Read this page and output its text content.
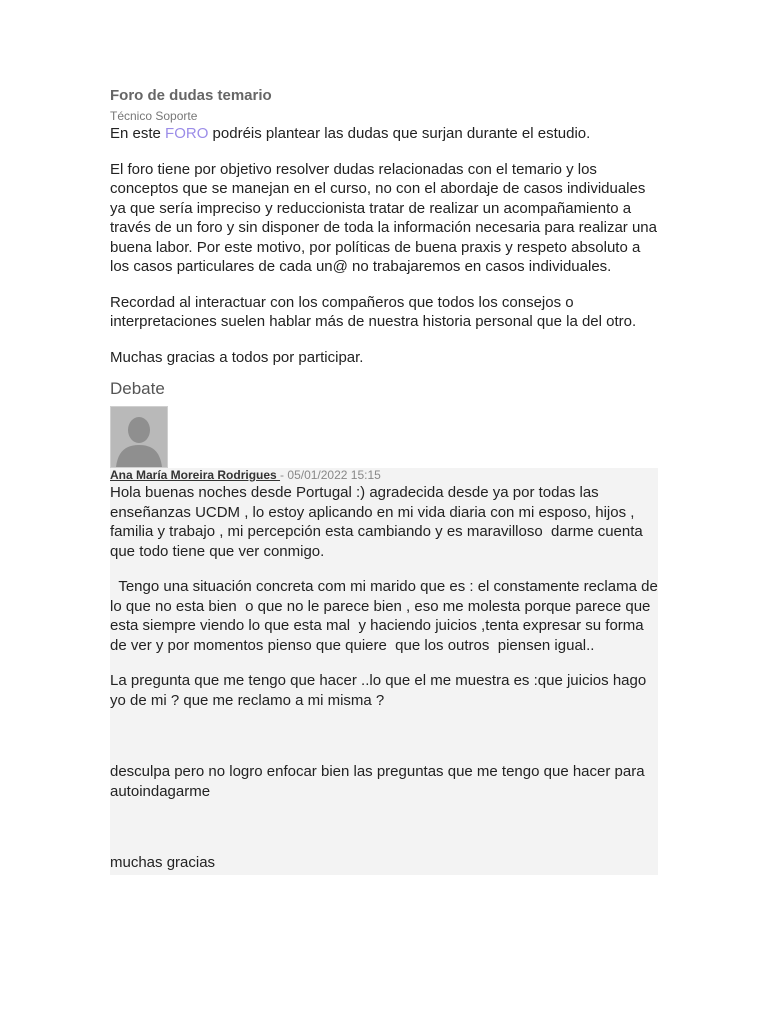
Foro de dudas temario
Técnico Soporte

En este FORO podréis plantear las dudas que surjan durante el estudio.

El foro tiene por objetivo resolver dudas relacionadas con el temario y los conceptos que se manejan en el curso, no con el abordaje de casos individuales ya que sería impreciso y reduccionista tratar de realizar un acompañamiento a través de un foro y sin disponer de toda la información necesaria para realizar una buena labor. Por este motivo, por políticas de buena praxis y respeto absoluto a los casos particulares de cada un@ no trabajaremos en casos individuales.

Recordad al interactuar con los compañeros que todos los consejos o interpretaciones suelen hablar más de nuestra historia personal que la del otro.

Muchas gracias a todos por participar.

Debate
Ana María Moreira Rodrigues - 05/01/2022 15:15

Hola buenas noches desde Portugal :) agradecida desde ya por todas las enseñanzas UCDM , lo estoy aplicando en mi vida diaria con mi esposo, hijos , familia y trabajo , mi percepción esta cambiando y es maravilloso  darme cuenta que todo tiene que ver conmigo.

Tengo una situación concreta com mi marido que es : el constamente reclama de lo que no esta bien  o que no le parece bien , eso me molesta porque parece que esta siempre viendo lo que esta mal  y haciendo juicios ,tenta expresar su forma de ver y por momentos pienso que quiere  que los outros  piensen igual..

La pregunta que me tengo que hacer ..lo que el me muestra es :que juicios hago yo de mi ? que me reclamo a mi misma ?

desculpa pero no logro enfocar bien las preguntas que me tengo que hacer para autoindagarme

muchas gracias
